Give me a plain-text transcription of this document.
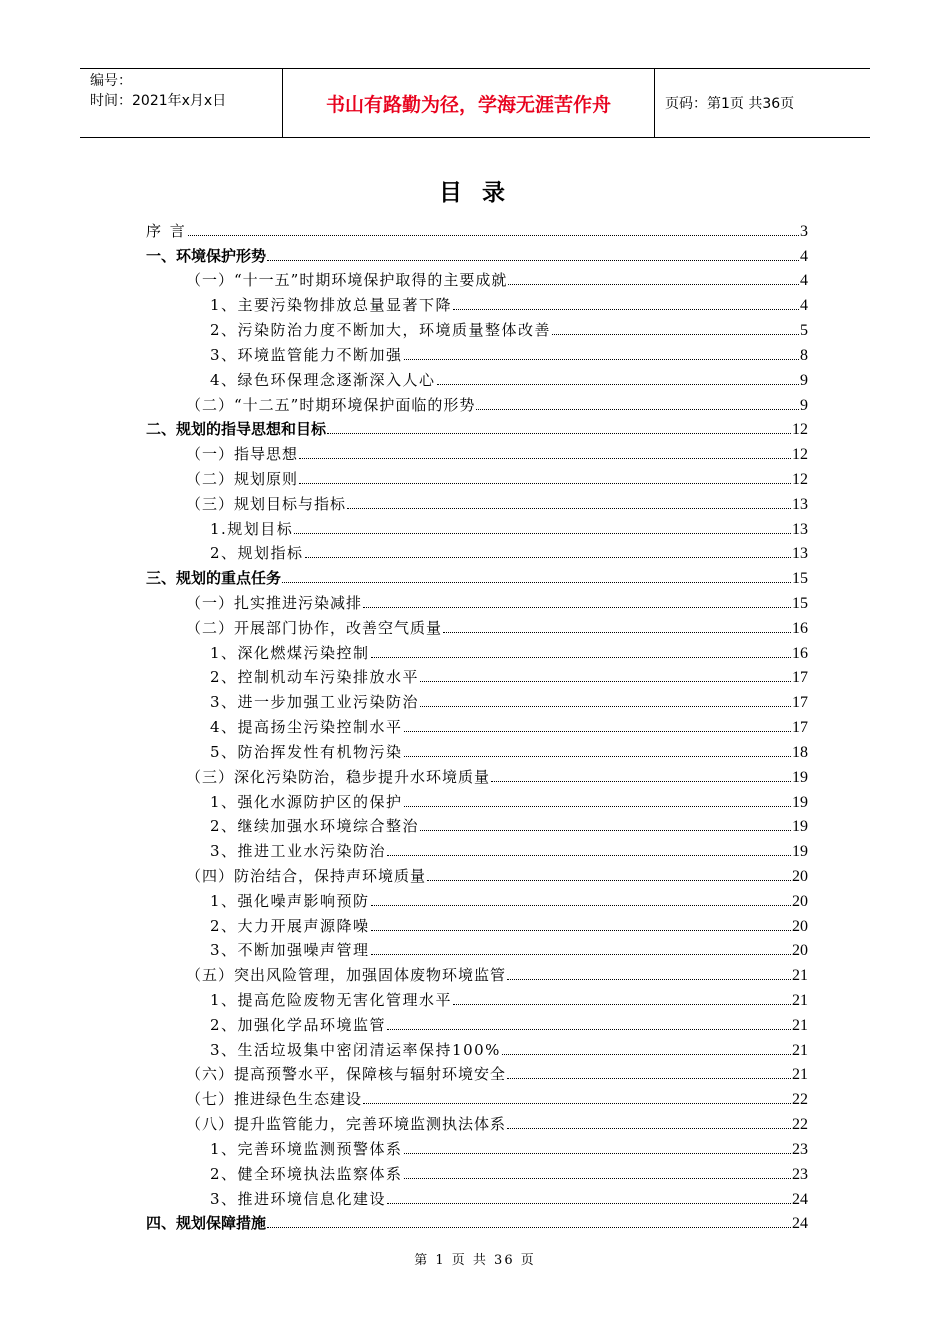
编号：
时间：2021年x月x日	书山有路勤为径，学海无涯苦作舟	页码：第1页 共36页
目 录
序 言	3
一、环境保护形势	4
（一）“十一五”时期环境保护取得的主要成就	4
1、主要污染物排放总量显著下降	4
2、污染防治力度不断加大，环境质量整体改善	5
3、环境监管能力不断加强	8
4、绿色环保理念逐渐深入人心	9
（二）“十二五”时期环境保护面临的形势	9
二、规划的指导思想和目标	12
（一）指导思想	12
（二）规划原则	12
（三）规划目标与指标	13
1.规划目标	13
2、规划指标	13
三、规划的重点任务	15
（一）扎实推进污染减排	15
（二）开展部门协作，改善空气质量	16
1、深化燃煤污染控制	16
2、控制机动车污染排放水平	17
3、进一步加强工业污染防治	17
4、提高扬尘污染控制水平	17
5、防治挥发性有机物污染	18
（三）深化污染防治，稳步提升水环境质量	19
1、强化水源防护区的保护	19
2、继续加强水环境综合整治	19
3、推进工业水污染防治	19
（四）防治结合，保持声环境质量	20
1、强化噪声影响预防	20
2、大力开展声源降噪	20
3、不断加强噪声管理	20
（五）突出风险管理，加强固体废物环境监管	21
1、提高危险废物无害化管理水平	21
2、加强化学品环境监管	21
3、生活垃圾集中密闭清运率保持100%	21
（六）提高预警水平，保障核与辐射环境安全	21
（七）推进绿色生态建设	22
（八）提升监管能力，完善环境监测执法体系	22
1、完善环境监测预警体系	23
2、健全环境执法监察体系	23
3、推进环境信息化建设	24
四、规划保障措施	24
第 1 页 共 36 页
